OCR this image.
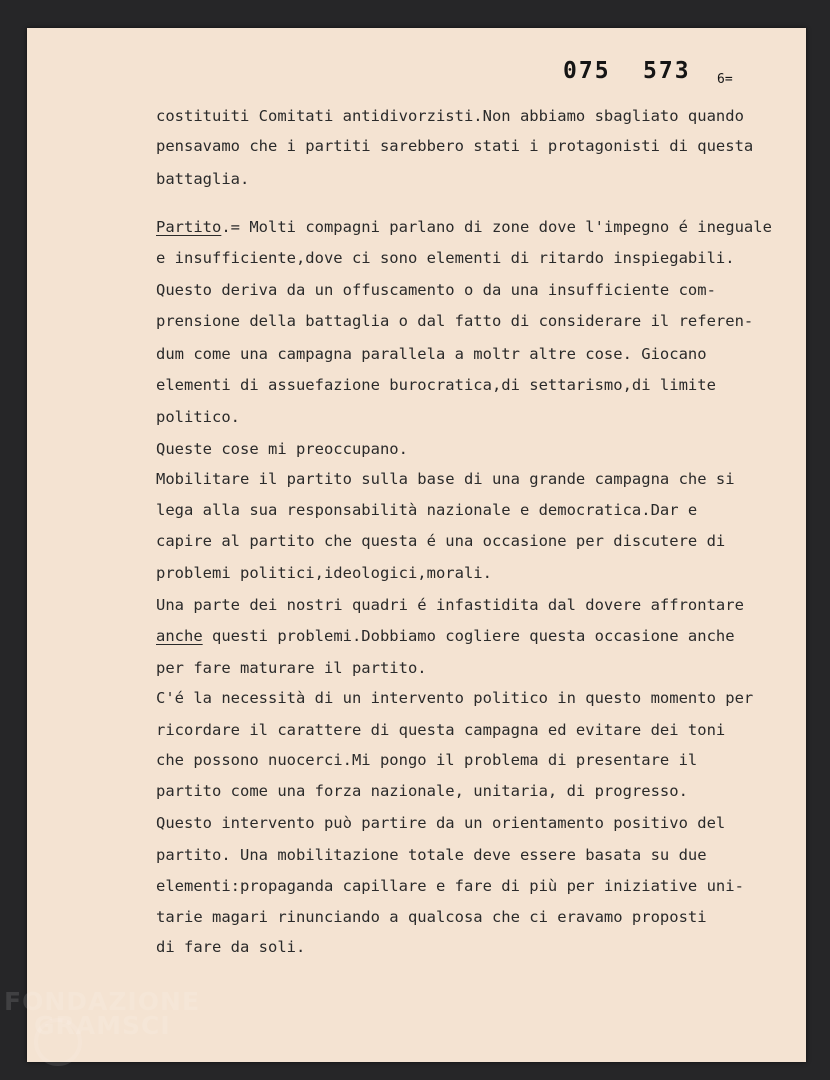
075 573 6=

costituiti Comitati antidivorzisti.Non abbiamo sbagliato quando

pensavamo che i partiti sarebbero stati i protagonisti di questa

battaglia.

Partito.= Molti compagni parlano di zone dove l'impegno é ineguale

e insufficiente,dove ci sono elementi di ritardo inspiegabili.

Questo deriva da un offuscamento o da una insufficiente com-

prensione della battaglia o dal fatto di considerare il referen-

dum come una campagna parallela a moltr altre cose. Giocano

elementi di assuefazione burocratica,di settarismo,di limite

politico.

Queste cose mi preoccupano.

Mobilitare il partito sulla base di una grande campagna che si

lega alla sua responsabilità nazionale e democratica.Dar e

capire al partito che questa é una occasione per discutere di

problemi politici,ideologici,morali.

Una parte dei nostri quadri é infastidita dal dovere affrontare

anche questi problemi.Dobbiamo cogliere questa occasione anche

per fare maturare il partito.

C'é la necessità di un intervento politico in questo momento per

ricordare il carattere di questa campagna ed evitare dei toni

che possono nuocerci.Mi pongo il problema di presentare il

partito come una forza nazionale, unitaria, di progresso.

Questo intervento può partire da un orientamento positivo del

partito. Una mobilitazione totale deve essere basata su due

elementi:propaganda capillare e fare di più per iniziative uni-

tarie magari rinunciando a qualcosa che ci eravamo proposti

di fare da soli.

FONDAZIONE
GRAMSCI
